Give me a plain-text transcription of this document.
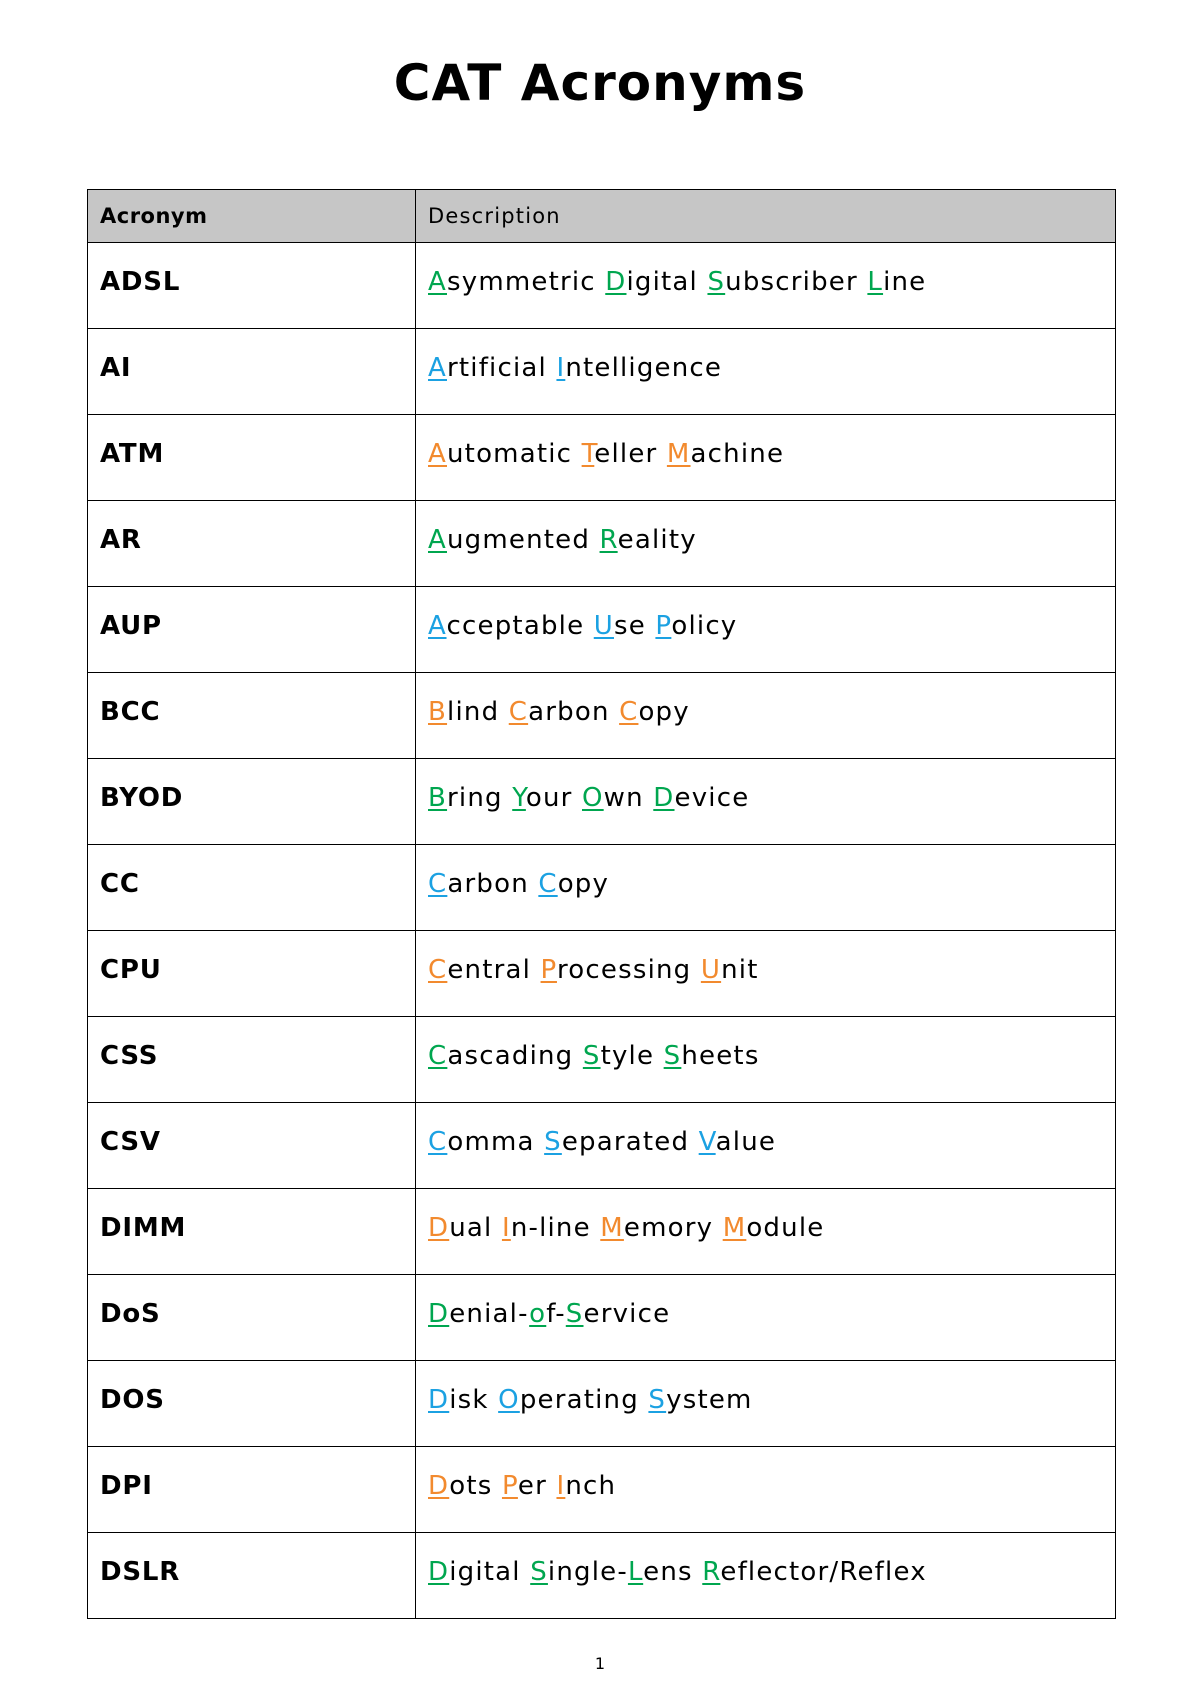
CAT Acronyms
Acronym	Description
ADSL	Asymmetric Digital Subscriber Line
AI	Artificial Intelligence
ATM	Automatic Teller Machine
AR	Augmented Reality
AUP	Acceptable Use Policy
BCC	Blind Carbon Copy
BYOD	Bring Your Own Device
CC	Carbon Copy
CPU	Central Processing Unit
CSS	Cascading Style Sheets
CSV	Comma Separated Value
DIMM	Dual In-line Memory Module
DoS	Denial-of-Service
DOS	Disk Operating System
DPI	Dots Per Inch
DSLR	Digital Single-Lens Reflector/Reflex
1
